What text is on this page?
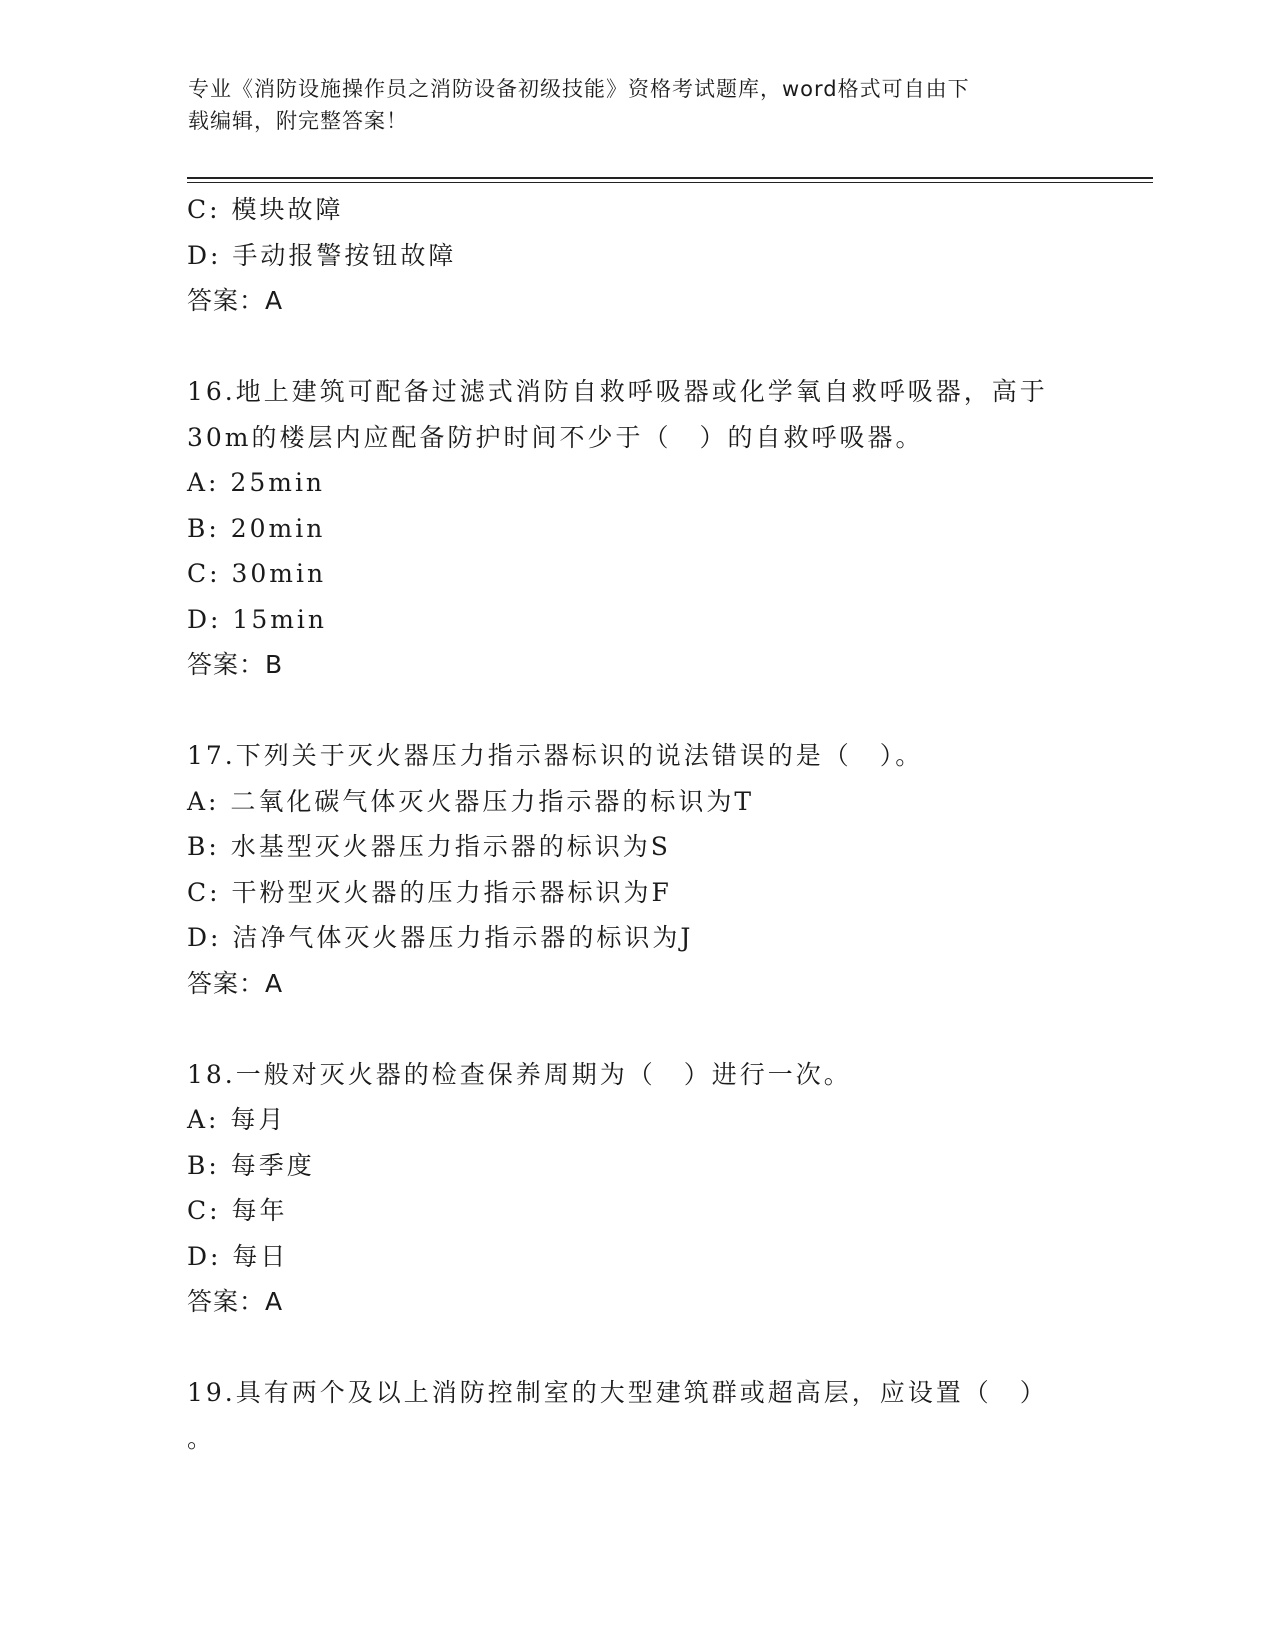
专业《消防设施操作员之消防设备初级技能》资格考试题库，word格式可自由下
载编辑，附完整答案！
C: 模块故障
D: 手动报警按钮故障
答案：A
16.地上建筑可配备过滤式消防自救呼吸器或化学氧自救呼吸器，高于
30m的楼层内应配备防护时间不少于（　）的自救呼吸器。
A: 25min
B: 20min
C: 30min
D: 15min
答案：B
17.下列关于灭火器压力指示器标识的说法错误的是（　）。
A: 二氧化碳气体灭火器压力指示器的标识为T
B: 水基型灭火器压力指示器的标识为S
C: 干粉型灭火器的压力指示器标识为F
D: 洁净气体灭火器压力指示器的标识为J
答案：A
18.一般对灭火器的检查保养周期为（　）进行一次。
A: 每月
B: 每季度
C: 每年
D: 每日
答案：A
19.具有两个及以上消防控制室的大型建筑群或超高层，应设置（　）
。
